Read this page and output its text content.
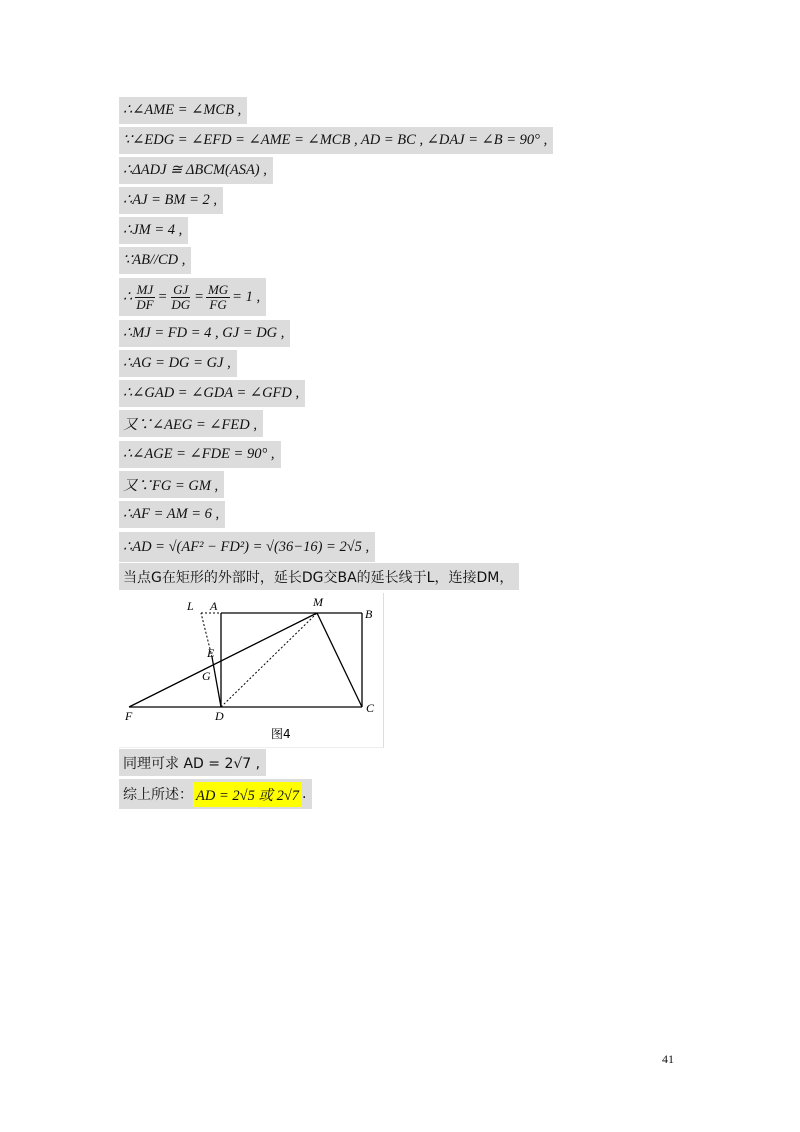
∴∠AME = ∠MCB ,
∵∠EDG = ∠EFD = ∠AME = ∠MCB , AD = BC , ∠DAJ = ∠B = 90° ,
∴ΔADJ ≅ ΔBCM(ASA) ,
∴AJ = BM = 2 ,
∴JM = 4 ,
∵AB//CD ,
∴ $\frac{MJ}{DF} = \frac{GJ}{DG} = \frac{MG}{FG} = 1$ ,
∴MJ = FD = 4 , GJ = DG ,
∴AG = DG = GJ ,
∴∠GAD = ∠GDA = ∠GFD ,
又∵∠AEG = ∠FED ,
∴∠AGE = ∠FDE = 90° ,
又∵FG = GM ,
∴AF = AM = 6 ,
∴AD = √(AF² − FD²) = √(36−16) = 2√5 ,
当点G在矩形的外部时，延长DG交BA的延长线于L，连接DM，
L A	M
B
E
G
F	D
C
图4
同理可求 AD = 2√7 ,
综上所述： AD = 2√5 或 2√7 .
41
